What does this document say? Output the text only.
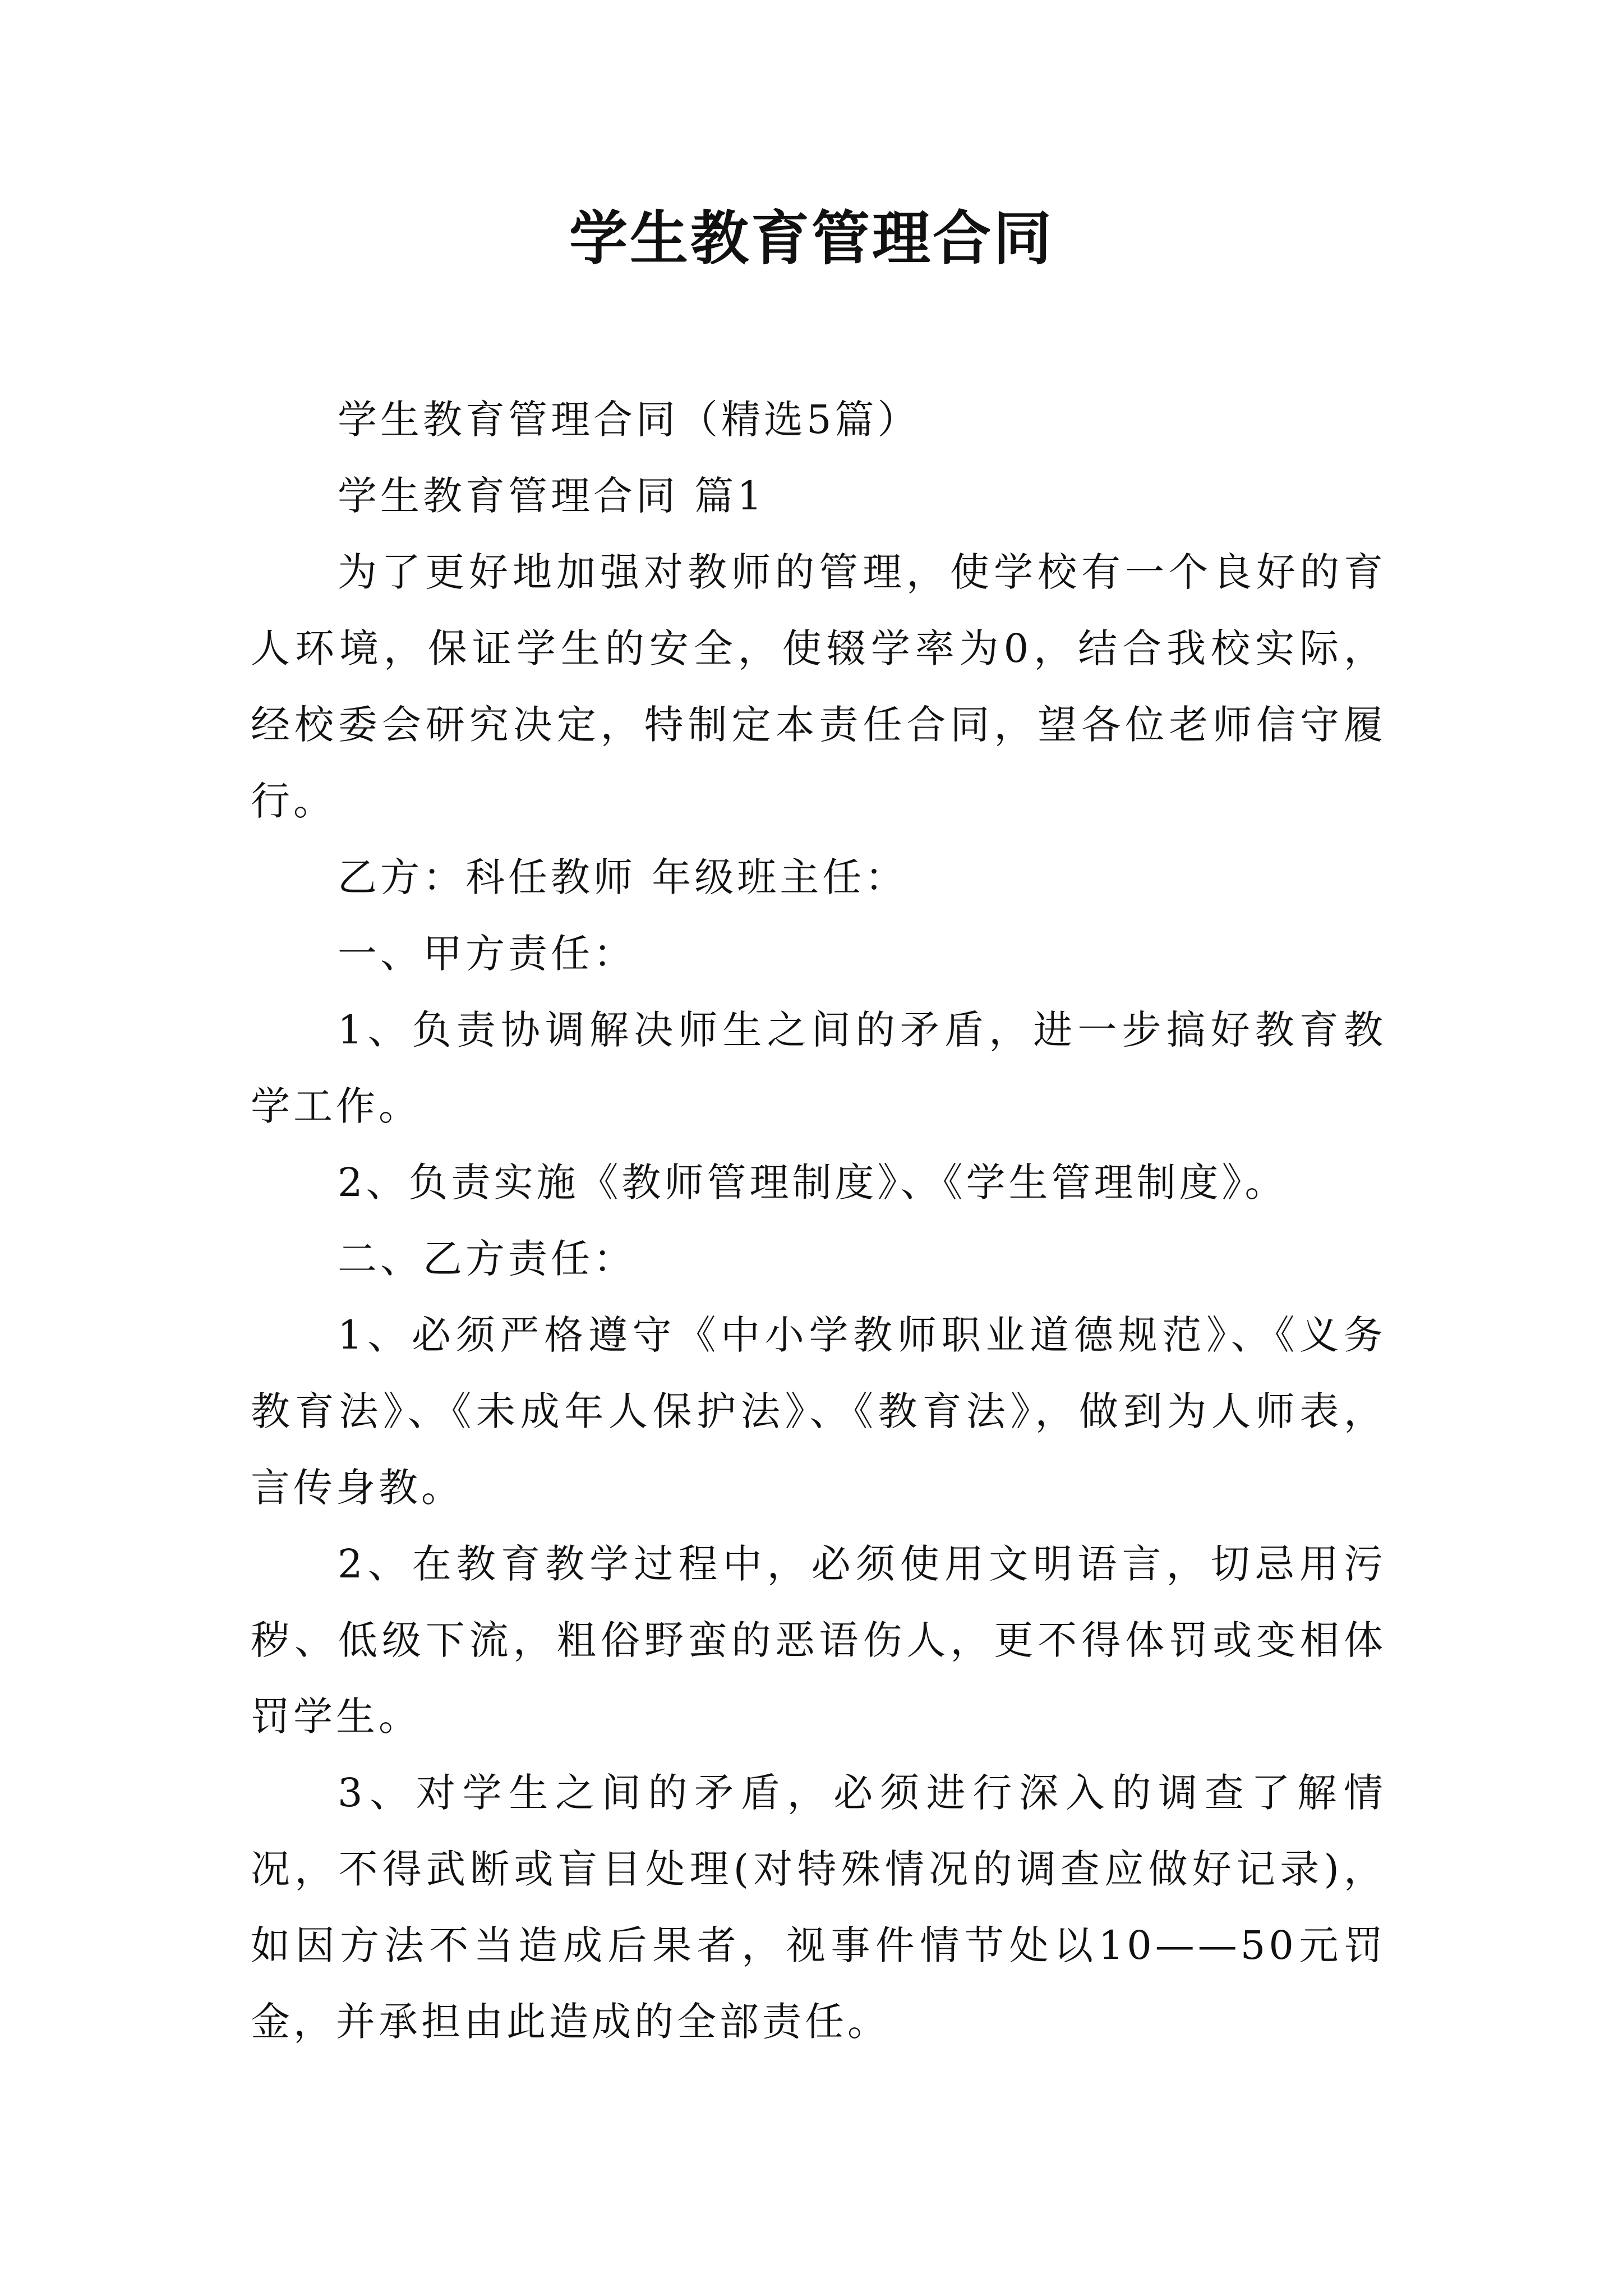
学生教育管理合同

学生教育管理合同（精选5篇）

学生教育管理合同 篇1

为了更好地加强对教师的管理，使学校有一个良好的育人环境，保证学生的安全，使辍学率为0，结合我校实际，经校委会研究决定，特制定本责任合同，望各位老师信守履行。

乙方：科任教师 年级班主任：

一、甲方责任：

1、负责协调解决师生之间的矛盾，进一步搞好教育教学工作。

2、负责实施《教师管理制度》、《学生管理制度》。

二、乙方责任：

1、必须严格遵守《中小学教师职业道德规范》、《义务教育法》、《未成年人保护法》、《教育法》，做到为人师表，言传身教。

2、在教育教学过程中，必须使用文明语言，切忌用污秽、低级下流，粗俗野蛮的恶语伤人，更不得体罚或变相体罚学生。

3、对学生之间的矛盾，必须进行深入的调查了解情况，不得武断或盲目处理(对特殊情况的调查应做好记录)，如因方法不当造成后果者，视事件情节处以10——50元罚金，并承担由此造成的全部责任。
